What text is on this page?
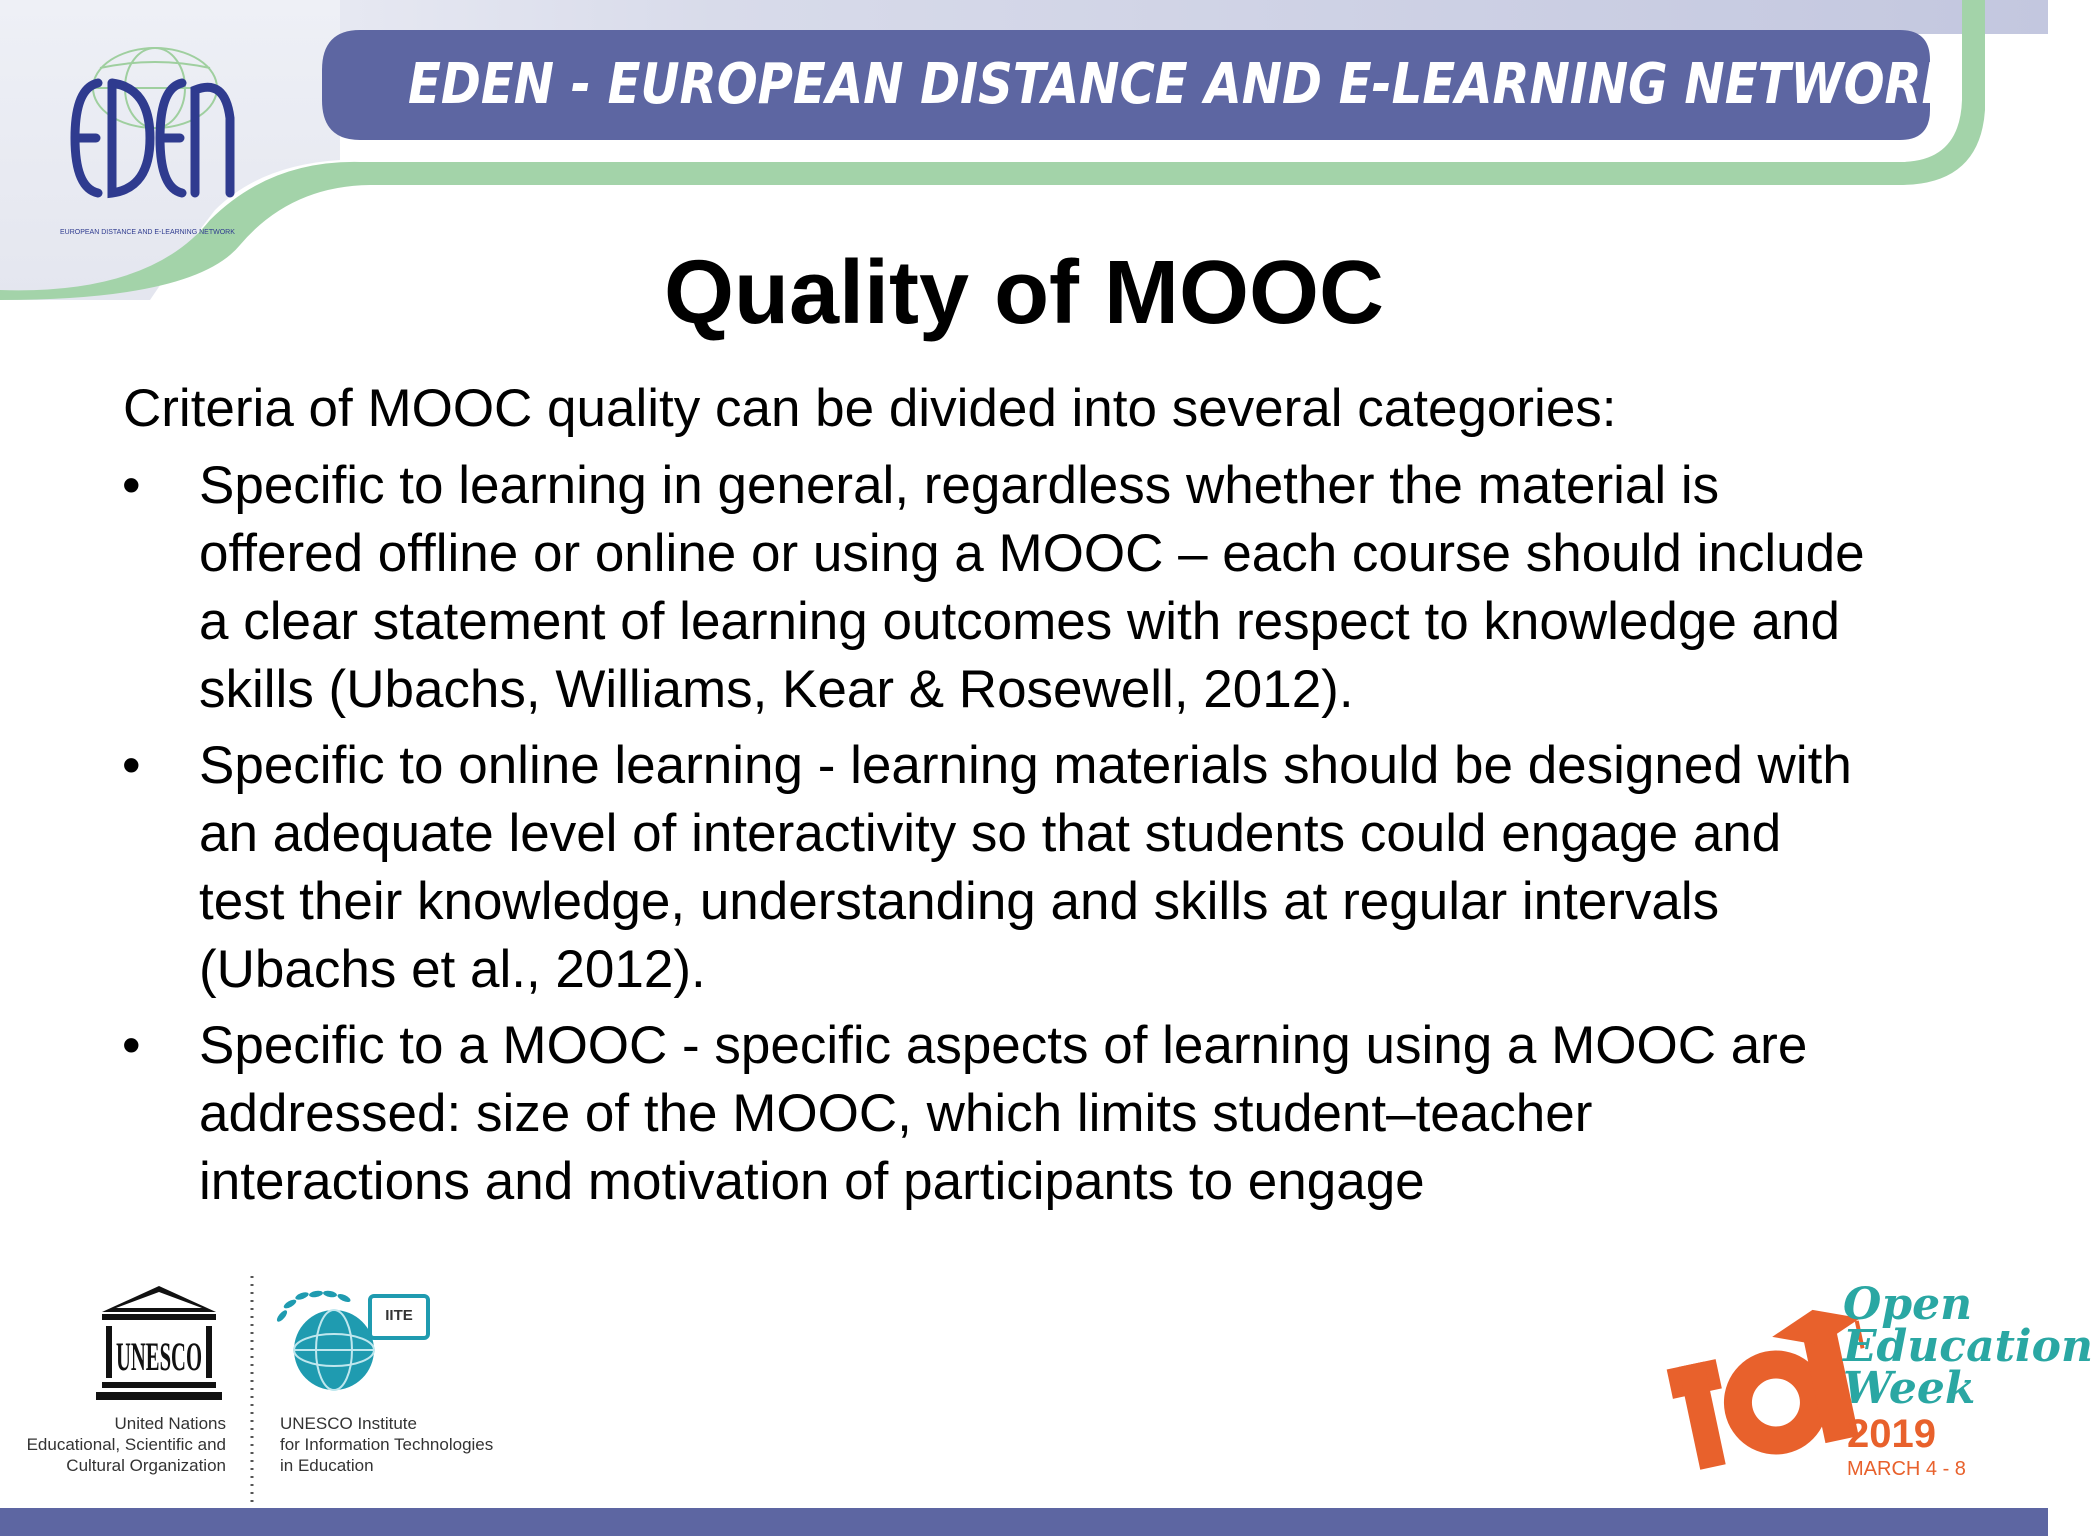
EUROPEAN DISTANCE AND E-LEARNING NETWORK
EDEN - EUROPEAN DISTANCE AND E-LEARNING NETWORK
Quality of MOOC
Criteria of MOOC quality can be divided into several categories:
• Specific to learning in general, regardless whether the material is
offered offline or online or using a MOOC – each course should include
a clear statement of learning outcomes with respect to knowledge and
skills (Ubachs, Williams, Kear & Rosewell, 2012).
• Specific to online learning - learning materials should be designed with
an adequate level of interactivity so that students could engage and
test their knowledge, understanding and skills at regular intervals
(Ubachs et al., 2012).
• Specific to a MOOC - specific aspects of learning using a MOOC are
addressed: size of the MOOC, which limits student–teacher
interactions and motivation of participants to engage
UNESCO
United Nations
Educational, Scientific and
Cultural Organization
IITE
UNESCO Institute
for Information Technologies
in Education
Open
Education
Week
2019
MARCH 4 - 8
